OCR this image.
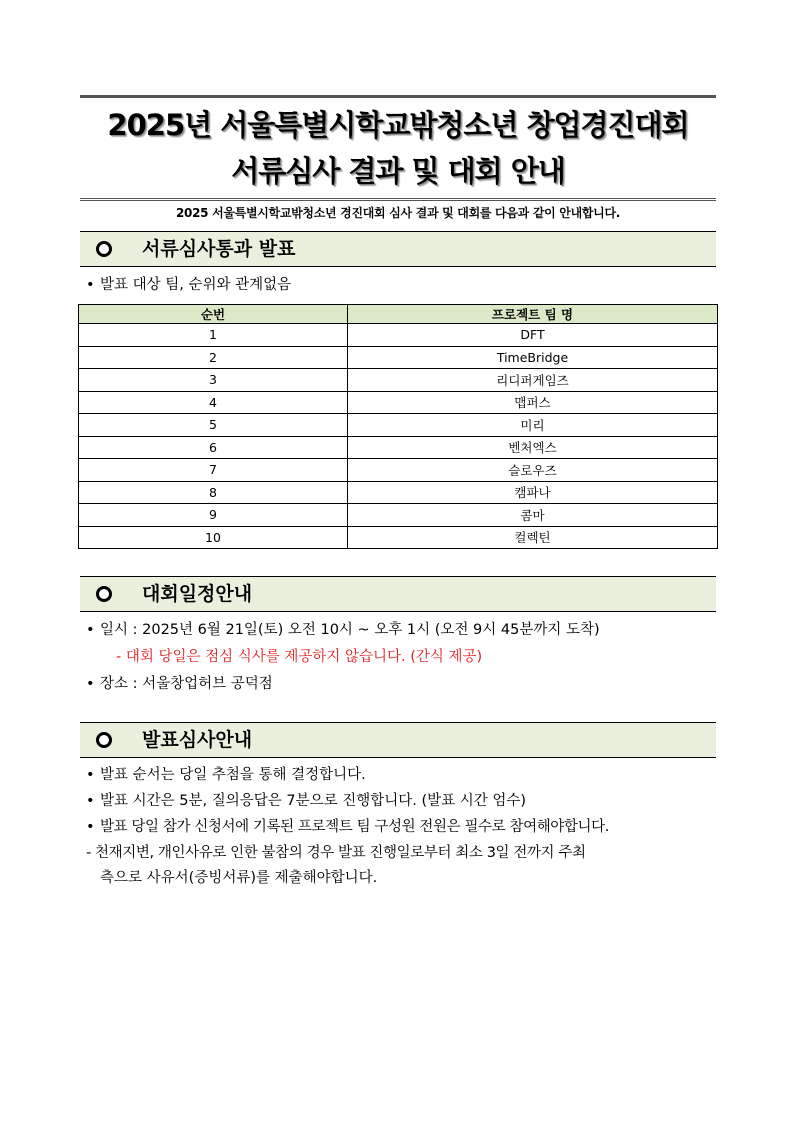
2025년 서울특별시학교밖청소년 창업경진대회
서류심사 결과 및 대회 안내
2025 서울특별시학교밖청소년 경진대회 심사 결과 및 대회를 다음과 같이 안내합니다.
서류심사통과 발표
• 발표 대상 팀, 순위와 관계없음
순번	프로젝트 팀 명
1	DFT
2	TimeBridge
3	리디퍼게임즈
4	맵퍼스
5	미리
6	벤처엑스
7	슬로우즈
8	캠파나
9	콤마
10	컬렉틴
대회일정안내
• 일시 : 2025년 6월 21일(토) 오전 10시 ~ 오후 1시 (오전 9시 45분까지 도착)
- 대회 당일은 점심 식사를 제공하지 않습니다. (간식 제공)
• 장소 : 서울창업허브 공덕점
발표심사안내
• 발표 순서는 당일 추첨을 통해 결정합니다.
• 발표 시간은 5분, 질의응답은 7분으로 진행합니다. (발표 시간 엄수)
• 발표 당일 참가 신청서에 기록된 프로젝트 팀 구성원 전원은 필수로 참여해야합니다.
- 천재지변, 개인사유로 인한 불참의 경우 발표 진행일로부터 최소 3일 전까지 주최
측으로 사유서(증빙서류)를 제출해야합니다.
